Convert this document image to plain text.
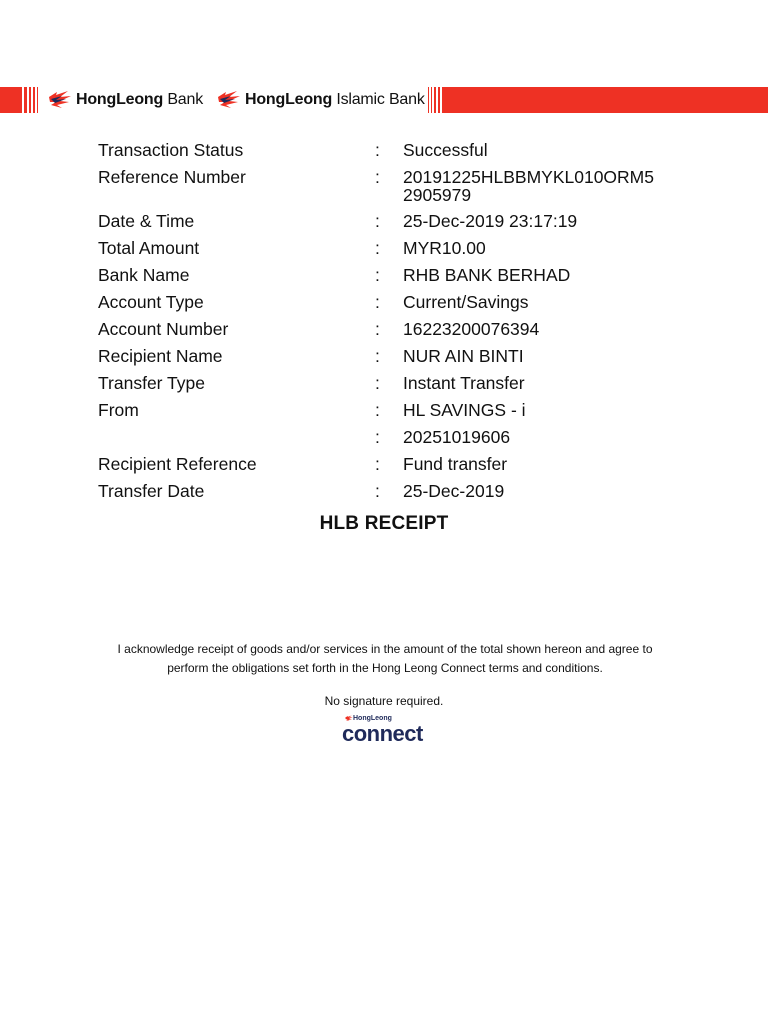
HongLeong Bank	HongLeong Islamic Bank
Transaction Status	:	Successful
Reference Number	:	20191225HLBBMYKL010ORM5
2905979
Date & Time	:	25-Dec-2019 23:17:19
Total Amount	:	MYR10.00
Bank Name	:	RHB BANK BERHAD
Account Type	:	Current/Savings
Account Number	:	16223200076394
Recipient Name	:	NUR AIN BINTI
Transfer Type	:	Instant Transfer
From	:	HL SAVINGS - i
:	20251019606
Recipient Reference	:	Fund transfer
Transfer Date	:	25-Dec-2019
HLB RECEIPT
I acknowledge receipt of goods and/or services in the amount of the total shown hereon and agree to
perform the obligations set forth in the Hong Leong Connect terms and conditions.
No signature required.
HongLeong
connect
